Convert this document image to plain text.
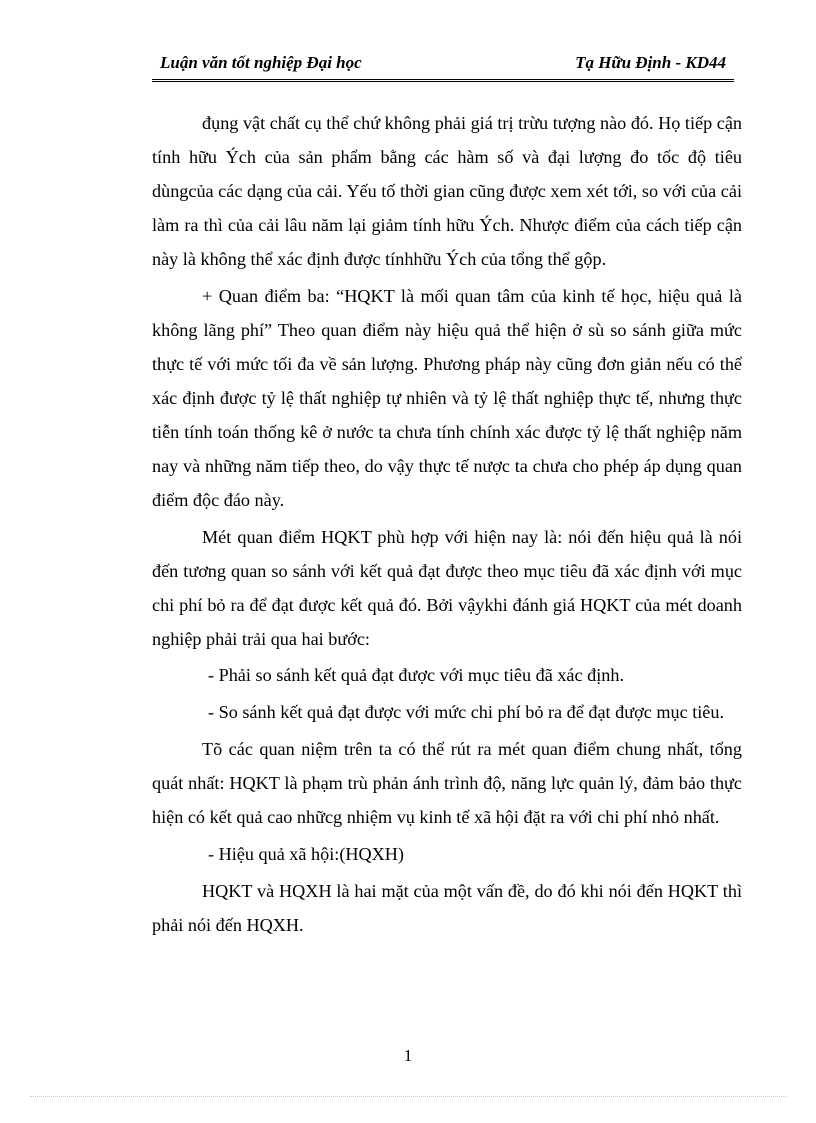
Luận văn tốt nghiệp Đại học	Tạ Hữu Định - KD44

đụng vật chất cụ thể chứ không phải giá trị trừu tượng nào đó. Họ tiếp cận tính hữu Ých của sản phẩm bằng các hàm số và đại lượng đo tốc độ tiêu dùngcủa các dạng của cải. Yếu tố thời gian cũng được xem xét tới, so với của cải làm ra thì của cải lâu năm lại giảm tính hữu Ých. Nhược điểm của cách tiếp cận này là không thể xác định được tínhhữu Ých của tổng thể gộp.

+ Quan điểm ba: “HQKT là mối quan tâm của kinh tế học, hiệu quả là không lãng phí” Theo quan điểm này hiệu quả thể hiện ở sù so sánh giữa mức thực tế với mức tối đa về sản lượng. Phương pháp này cũng đơn giản nếu có thể xác định được tỷ lệ thất nghiệp tự nhiên và tỷ lệ thất nghiệp thực tế, nhưng thực tiễn tính toán thống kê ở nước ta chưa tính chính xác được tỷ lệ thất nghiệp năm nay và những năm tiếp theo, do vậy thực tế nược ta chưa cho phép áp dụng quan điểm độc đáo này.

Mét quan điểm HQKT phù hợp với hiện nay là: nói đến hiệu quả là nói đến tương quan so sánh với kết quả đạt được theo mục tiêu đã xác định với mục chi phí bỏ ra để đạt được kết quả đó. Bởi vậykhi đánh giá HQKT của mét doanh nghiệp phải trải qua hai bước:

- Phải so sánh kết quả đạt được với mục tiêu đã xác định.

- So sánh kết quả đạt được với mức chi phí bỏ ra để đạt được mục tiêu.

Tõ các quan niệm trên ta có thể rút ra mét quan điểm chung nhất, tổng quát nhất: HQKT là phạm trù phản ánh trình độ, năng lực quản lý, đảm bảo thực hiện có kết quả cao nhữcg nhiệm vụ kinh tế xã hội đặt ra với chi phí nhỏ nhất.

- Hiệu quả xã hội:(HQXH)

HQKT và HQXH là hai mặt của một vấn đề, do đó khi nói đến HQKT thì phải nói đến HQXH.

1
